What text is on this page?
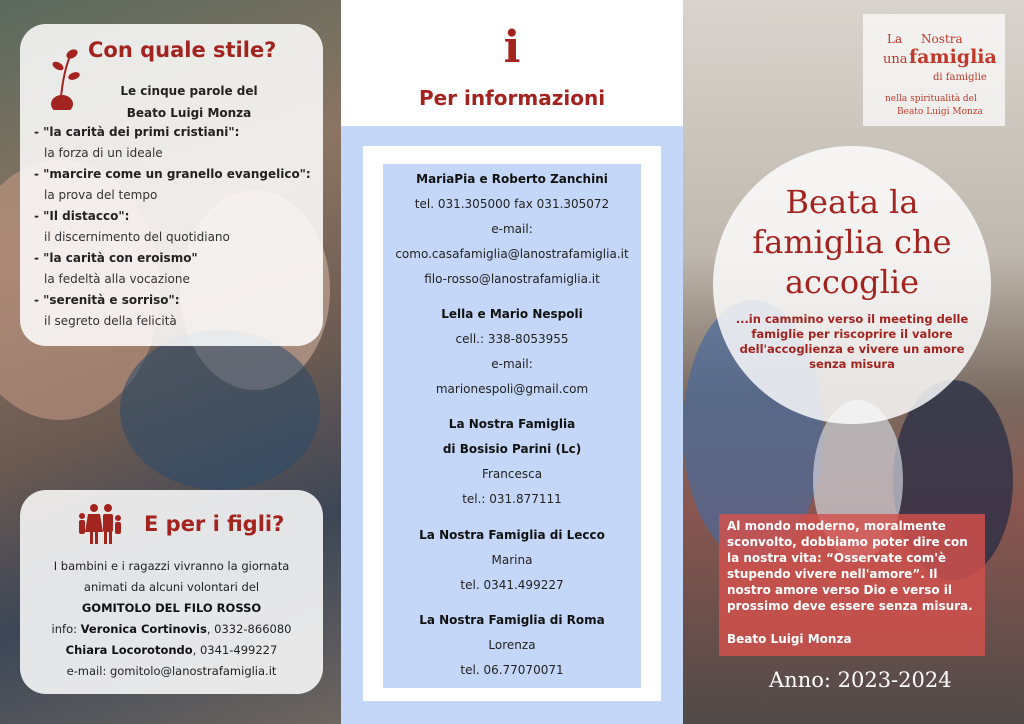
Con quale stile?
Le cinque parole del
Beato Luigi Monza
- "la carità dei primi cristiani":
la forza di un ideale
- "marcire come un granello evangelico":
la prova del tempo
- "Il distacco":
il discernimento del quotidiano
- "la carità con eroismo"
la fedeltà alla vocazione
- "serenità e sorriso":
il segreto della felicità
E per i figli?
I bambini e i ragazzi vivranno la giornata
animati da alcuni volontari del
GOMITOLO DEL FILO ROSSO
info: Veronica Cortinovis, 0332-866080
Chiara Locorotondo, 0341-499227
e-mail: gomitolo@lanostrafamiglia.it
i
Per informazioni
MariaPia e Roberto Zanchini
tel. 031.305000 fax 031.305072
e-mail:
como.casafamiglia@lanostrafamiglia.it
filo-rosso@lanostrafamiglia.it
Lella e Mario Nespoli
cell.: 338-8053955
e-mail:
marionespoli@gmail.com
La Nostra Famiglia
di Bosisio Parini (Lc)
Francesca
tel.: 031.877111
La Nostra Famiglia di Lecco
Marina
tel. 0341.499227
La Nostra Famiglia di Roma
Lorenza
tel. 06.77070071
La Nostra
una famiglia
di famiglie
nella spiritualità del
Beato Luigi Monza
Beata la
famiglia che
accoglie
...in cammino verso il meeting delle famiglie per riscoprire il valore dell'accoglienza e vivere un amore senza misura
Al mondo moderno, moralmente sconvolto, dobbiamo poter dire con la nostra vita: “Osservate com'è stupendo vivere nell'amore”. Il nostro amore verso Dio e verso il prossimo deve essere senza misura.
Beato Luigi Monza
Anno: 2023-2024
